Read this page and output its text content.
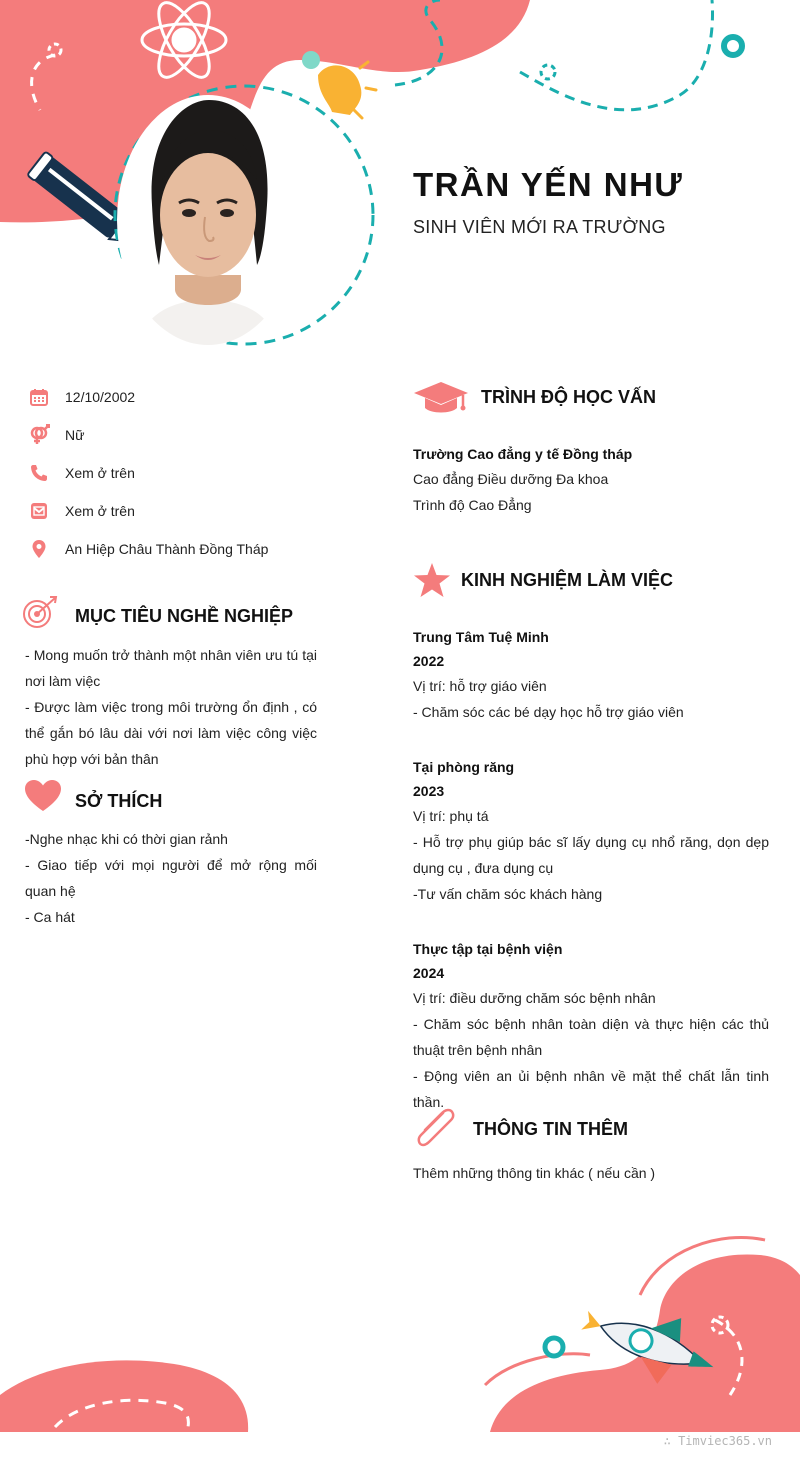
TRẦN YẾN NHƯ
SINH VIÊN MỚI RA TRƯỜNG
12/10/2002
Nữ
Xem ở trên
Xem ở trên
An Hiệp Châu Thành Đồng Tháp
MỤC TIÊU NGHỀ NGHIỆP

- Mong muốn trở thành một nhân viên ưu tú tại nơi làm việc

- Được làm việc trong môi trường ổn định , có thể gắn bó lâu dài với nơi làm việc công việc phù hợp với bản thân

SỞ THÍCH

-Nghe nhạc khi có thời gian rảnh

- Giao tiếp với mọi người để mở rộng mối quan hệ

- Ca hát

TRÌNH ĐỘ HỌC VẤN
Trường Cao đẳng y tế Đồng tháp
Cao đẳng Điều dưỡng Đa khoa
Trình độ Cao Đẳng
KINH NGHIỆM LÀM VIỆC
Trung Tâm Tuệ Minh
2022
Vị trí: hỗ trợ giáo viên
- Chăm sóc các bé dạy học hỗ trợ giáo viên
Tại phòng răng
2023
Vị trí: phụ tá
- Hỗ trợ phụ giúp bác sĩ lấy dụng cụ nhổ răng, dọn dẹp dụng cụ , đưa dụng cụ
-Tư vấn chăm sóc khách hàng
Thực tập tại bệnh viện
2024
Vị trí: điều dưỡng chăm sóc bệnh nhân
- Chăm sóc bệnh nhân toàn diện và thực hiện các thủ thuật trên bệnh nhân
- Động viên an ủi bệnh nhân về mặt thể chất lẫn tinh thần.
THÔNG TIN THÊM
Thêm những thông tin khác ( nếu cần )
∴ Timviec365.vn
